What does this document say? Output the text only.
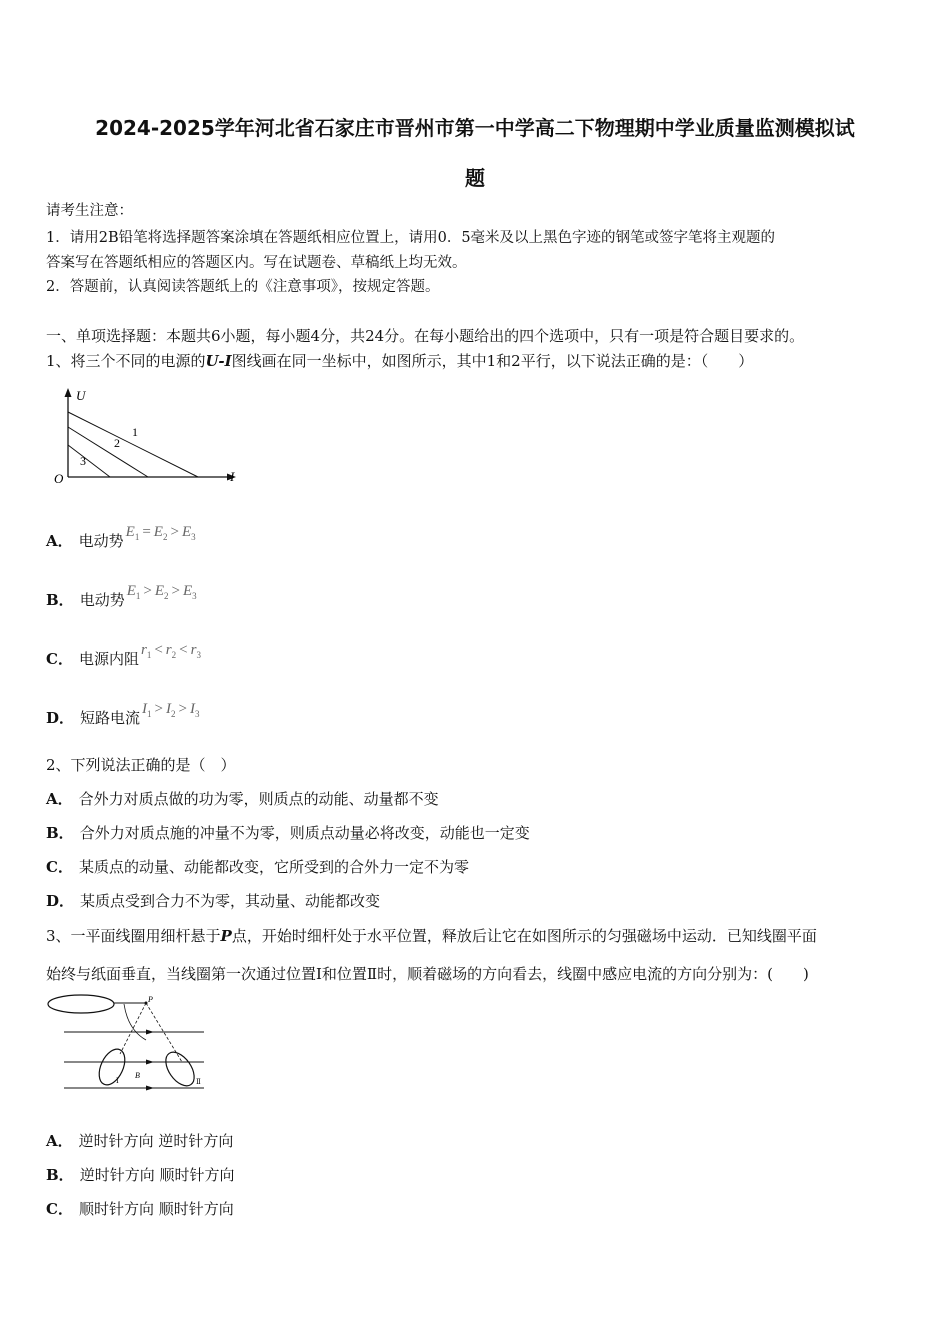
2024-2025学年河北省石家庄市晋州市第一中学高二下物理期中学业质量监测模拟试
题
请考生注意：
1．请用2B铅笔将选择题答案涂填在答题纸相应位置上，请用0．5毫米及以上黑色字迹的钢笔或签字笔将主观题的
答案写在答题纸相应的答题区内。写在试题卷、草稿纸上均无效。
2．答题前，认真阅读答题纸上的《注意事项》，按规定答题。
一、单项选择题：本题共6小题，每小题4分，共24分。在每小题给出的四个选项中，只有一项是符合题目要求的。
1、将三个不同的电源的U-I图线画在同一坐标中，如图所示，其中1和2平行，以下说法正确的是：（　　）
U
I
O
1
2
3
A． 电动势 $E_1 = E_2 > E_3$
B． 电动势 $E_1 > E_2 > E_3$
C． 电源内阻 $r_1 < r_2 < r_3$
D． 短路电流 $I_1 > I_2 > I_3$
2、下列说法正确的是（　）
A． 合外力对质点做的功为零，则质点的动能、动量都不变
B． 合外力对质点施的冲量不为零，则质点动量必将改变，动能也一定变
C． 某质点的动量、动能都改变，它所受到的合外力一定不为零
D． 某质点受到合力不为零，其动量、动能都改变
3、一平面线圈用细杆悬于P点，开始时细杆处于水平位置，释放后让它在如图所示的匀强磁场中运动．已知线圈平面
始终与纸面垂直，当线圈第一次通过位置Ⅰ和位置Ⅱ时，顺着磁场的方向看去，线圈中感应电流的方向分别为：(　　)
P
Ⅰ
B
Ⅱ
A． 逆时针方向 逆时针方向
B． 逆时针方向 顺时针方向
C． 顺时针方向 顺时针方向
